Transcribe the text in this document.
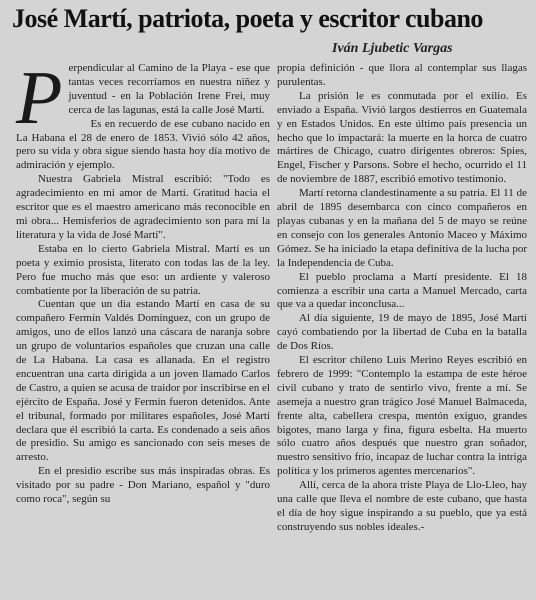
José Martí, patriota, poeta y escritor cubano
Iván Ljubetic Vargas
P erpendicular al Camino de la Playa - ese que tantas veces recorríamos en nuestra niñez y juventud - en la Población Irene Frei, muy cerca de las lagunas, está la calle José Martí.

Es en recuerdo de ese cubano nacido en La Habana el 28 de enero de 1853. Vivió sólo 42 años, pero su vida y obra sigue siendo hasta hoy día motivo de admiración y ejemplo.

Nuestra Gabriela Mistral escribió: "Todo es agradecimiento en mi amor de Martí. Gratitud hacia el escritor que es el maestro americano más reconocible en mi obra... Hemisferios de agradecimiento son para mí la literatura y la vida de José Martí".

Estaba en lo cierto Gabriela Mistral. Martí es un poeta y eximio prosista, literato con todas las de la ley. Pero fue mucho más que eso: un ardiente y valeroso combatiente por la liberación de su patria.

Cuentan que un día estando Martí en casa de su compañero Fermín Valdés Domínguez, con un grupo de amigos, uno de ellos lanzó una cáscara de naranja sobre un grupo de voluntarios españoles que cruzan una calle de La Habana. La casa es allanada. En el registro encuentran una carta dirigida a un joven llamado Carlos de Castro, a quien se acusa de traidor por inscribirse en el ejército de España. José y Fermín fueron detenidos. Ante el tribunal, formado por militares españoles, José Martí declara que él escribió la carta. Es condenado a seis años de presidio. Su amigo es sancionado con seis meses de arresto.

En el presidio escribe sus más inspiradas obras. Es visitado por su padre - Don Mariano, español y "duro como roca", según su

propia definición - que llora al contemplar sus llagas purulentas.

La prisión le es conmutada por el exilio. Es enviado a España. Vivió largos destierros en Guatemala y en Estados Unidos. En este último país presencia un hecho que lo impactará: la muerte en la horca de cuatro mártires de Chicago, cuatro dirigentes obreros: Spies, Engel, Fischer y Parsons. Sobre el hecho, ocurrido el 11 de noviembre de 1887, escribió emotivo testimonio.

Martí retorna clandestinamente a su patria. El 11 de abril de 1895 desembarca con cinco compañeros en playas cubanas y en la mañana del 5 de mayo se reúne en consejo con los generales Antonio Maceo y Máximo Gómez. Se ha iniciado la etapa definitiva de la lucha por la Independencia de Cuba.

El pueblo proclama a Martí presidente. El 18 comienza a escribir una carta a Manuel Mercado, carta que va a quedar inconclusa...

Al día siguiente, 19 de mayo de 1895, José Martí cayó combatiendo por la libertad de Cuba en la batalla de Dos Ríos.

El escritor chileno Luis Merino Reyes escribió en febrero de 1999: "Contemplo la estampa de este héroe civil cubano y trato de sentirlo vivo, frente a mí. Se asemeja a nuestro gran trágico José Manuel Balmaceda, frente alta, cabellera crespa, mentón exiguo, grandes bigotes, mano larga y fina, figura esbelta. Ha muerto sólo cuatro años después que nuestro gran soñador, nuestro sensitivo frío, incapaz de luchar contra la intriga política y los primeros agentes mercenarios".

Allí, cerca de la ahora triste Playa de Llo-Lleo, hay una calle que lleva el nombre de este cubano, que hasta el día de hoy sigue inspirando a su pueblo, que ya está construyendo sus nobles ideales.-
